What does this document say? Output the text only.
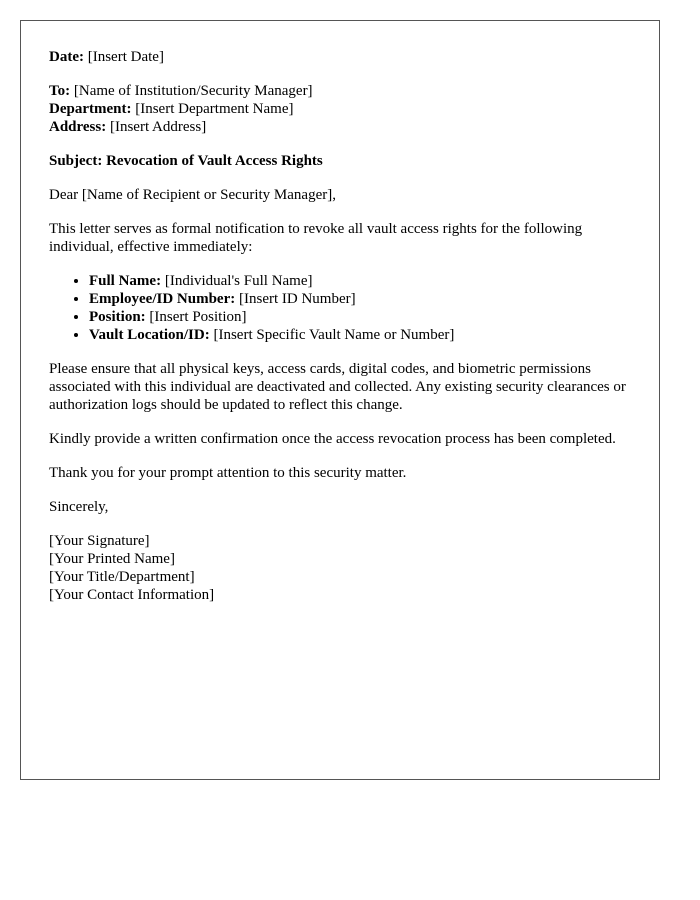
Date: [Insert Date]

To: [Name of Institution/Security Manager]

Department: [Insert Department Name]

Address: [Insert Address]

Subject: Revocation of Vault Access Rights

Dear [Name of Recipient or Security Manager],

This letter serves as formal notification to revoke all vault access rights for the following individual, effective immediately:

• Full Name: [Individual's Full Name]
• Employee/ID Number: [Insert ID Number]
• Position: [Insert Position]
• Vault Location/ID: [Insert Specific Vault Name or Number]

Please ensure that all physical keys, access cards, digital codes, and biometric permissions associated with this individual are deactivated and collected. Any existing security clearances or authorization logs should be updated to reflect this change.

Kindly provide a written confirmation once the access revocation process has been completed.

Thank you for your prompt attention to this security matter.

Sincerely,

[Your Signature]

[Your Printed Name]

[Your Title/Department]

[Your Contact Information]
